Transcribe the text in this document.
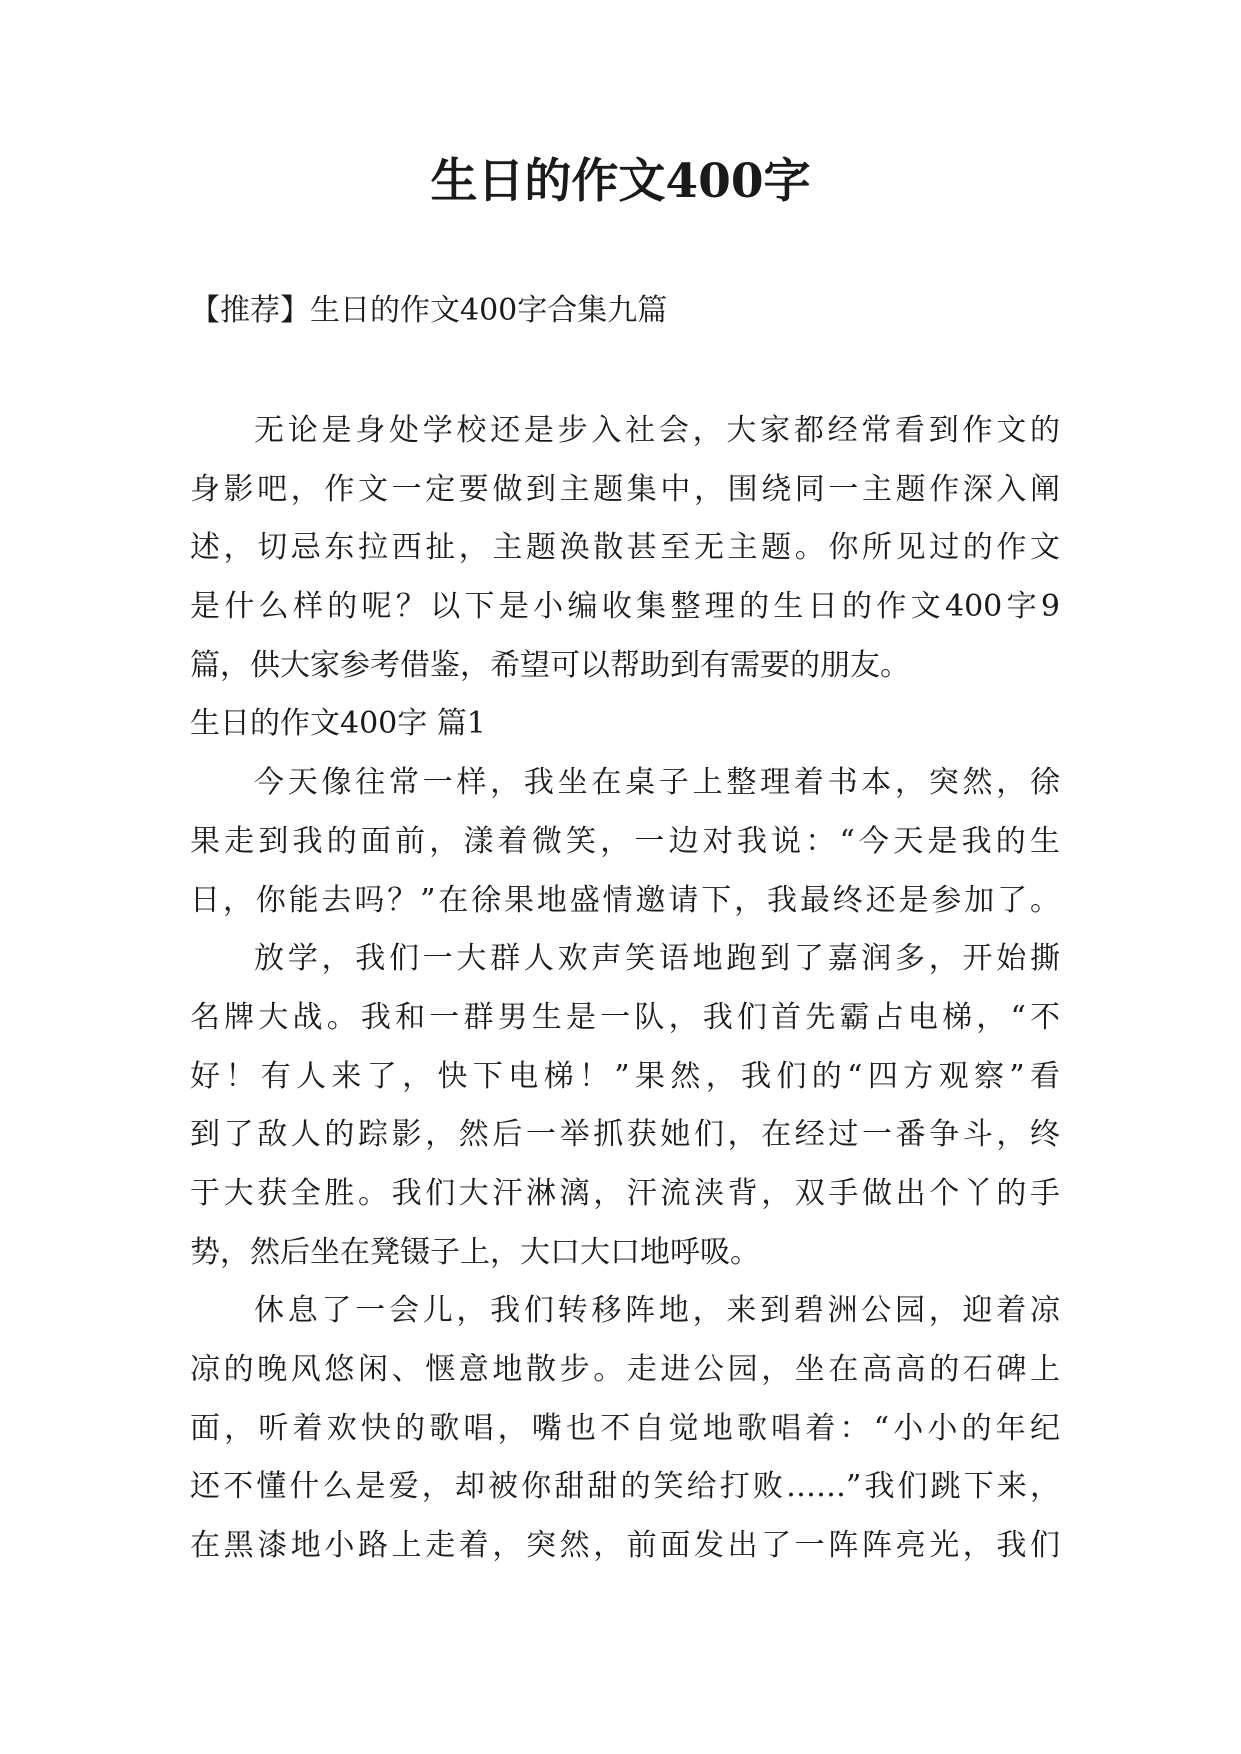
生日的作文400字

【推荐】生日的作文400字合集九篇

无论是身处学校还是步入社会，大家都经常看到作文的
身影吧，作文一定要做到主题集中，围绕同一主题作深入阐
述，切忌东拉西扯，主题涣散甚至无主题。你所见过的作文
是什么样的呢？以下是小编收集整理的生日的作文400字9
篇，供大家参考借鉴，希望可以帮助到有需要的朋友。
生日的作文400字 篇1
今天像往常一样，我坐在桌子上整理着书本，突然，徐
果走到我的面前，漾着微笑，一边对我说：“今天是我的生
日，你能去吗？”在徐果地盛情邀请下，我最终还是参加了。
放学，我们一大群人欢声笑语地跑到了嘉润多，开始撕
名牌大战。我和一群男生是一队，我们首先霸占电梯，“不
好！有人来了，快下电梯！”果然，我们的“四方观察”看
到了敌人的踪影，然后一举抓获她们，在经过一番争斗，终
于大获全胜。我们大汗淋漓，汗流浃背，双手做出个丫的手
势，然后坐在凳镊子上，大口大口地呼吸。
休息了一会儿，我们转移阵地，来到碧洲公园，迎着凉
凉的晚风悠闲、惬意地散步。走进公园，坐在高高的石碑上
面，听着欢快的歌唱，嘴也不自觉地歌唱着：“小小的年纪
还不懂什么是爱，却被你甜甜的笑给打败……”我们跳下来，
在黑漆地小路上走着，突然，前面发出了一阵阵亮光，我们
